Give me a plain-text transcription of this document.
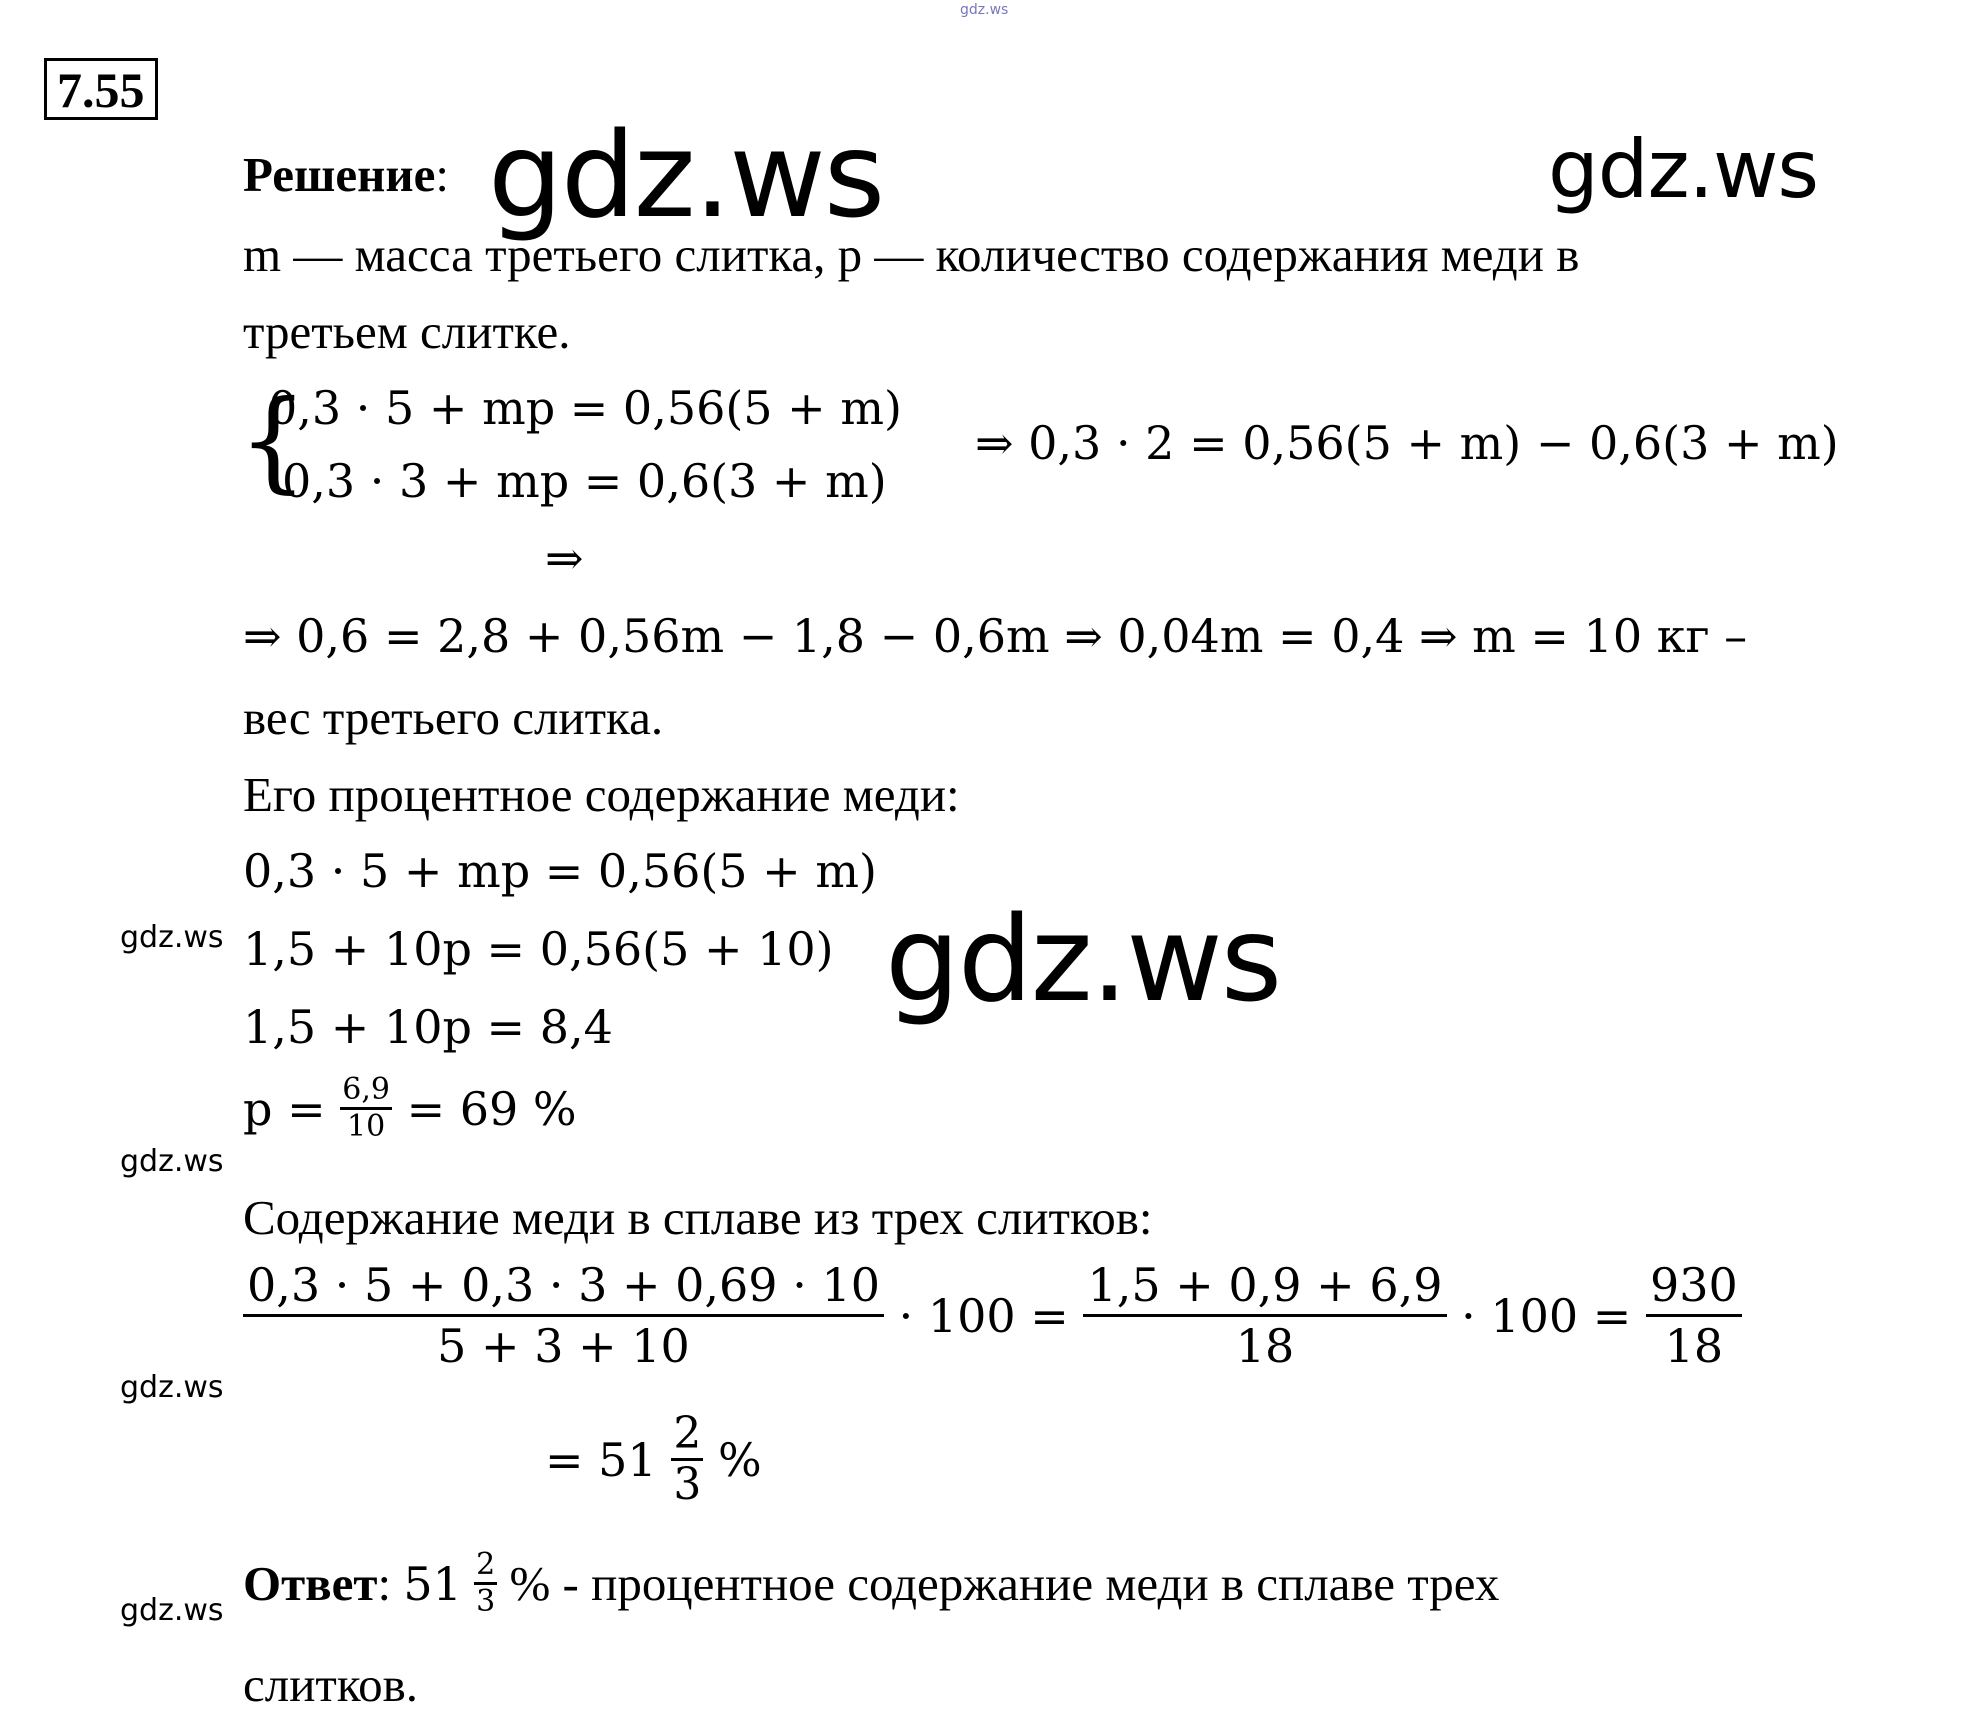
gdz.ws
7.55
gdz.ws	gdz.ws
gdz.ws
gdz.ws
gdz.ws
gdz.ws
gdz.ws
Решение:
m — масса третьего слитка, p — количество содержания меди в
третьем слитке.
{
0,3 · 5 + mp = 0,56(5 + m)
0,3 · 3 + mp = 0,6(3 + m)
⇒ 0,3 · 2 = 0,56(5 + m) − 0,6(3 + m)
⇒
⇒ 0,6 = 2,8 + 0,56m − 1,8 − 0,6m ⇒ 0,04m = 0,4 ⇒ m = 10 кг –
вес третьего слитка.
Его процентное содержание меди:
0,3 · 5 + mp = 0,56(5 + m)
1,5 + 10p = 0,56(5 + 10)
1,5 + 10p = 8,4
$p = \frac{6,9}{10} = 69$ %
Содержание меди в сплаве из трех слитков:
$\frac{0,3 \cdot 5 + 0,3 \cdot 3 + 0,69 \cdot 10}{5 + 3 + 10} \cdot 100 = \frac{1,5 + 0,9 + 6,9}{18} \cdot 100 = \frac{930}{18}$
= $51 \frac{2}{3}$ %
Ответ: $51 \frac{2}{3}$ % - процентное содержание меди в сплаве трех
слитков.
